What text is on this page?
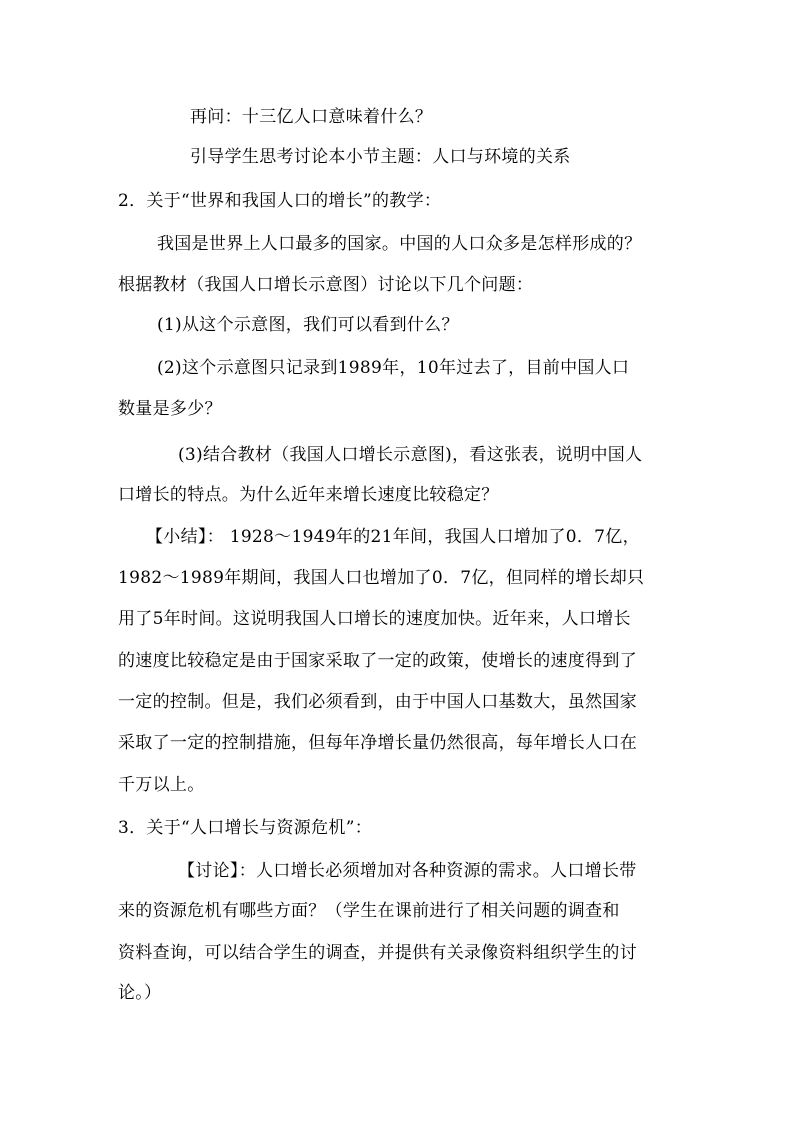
再问：十三亿人口意味着什么？
引导学生思考讨论本小节主题：人口与环境的关系
2．关于“世界和我国人口的增长”的教学：
我国是世界上人口最多的国家。中国的人口众多是怎样形成的？
根据教材（我国人口增长示意图）讨论以下几个问题：
(1)从这个示意图，我们可以看到什么？
(2)这个示意图只记录到1989年，10年过去了，目前中国人口
数量是多少？
(3)结合教材（我国人口增长示意图)，看这张表，说明中国人
口增长的特点。为什么近年来增长速度比较稳定？
【小结】： 1928～1949年的21年间，我国人口增加了0．7亿，
1982～1989年期间，我国人口也增加了0．7亿，但同样的增长却只
用了5年时间。这说明我国人口增长的速度加快。近年来，人口增长
的速度比较稳定是由于国家采取了一定的政策，使增长的速度得到了
一定的控制。但是，我们必须看到，由于中国人口基数大，虽然国家
采取了一定的控制措施，但每年净增长量仍然很高，每年增长人口在
千万以上。
3．关于“人口增长与资源危机”：
【讨论】：人口增长必须增加对各种资源的需求。人口增长带
来的资源危机有哪些方面？（学生在课前进行了相关问题的调查和
资料查询，可以结合学生的调查，并提供有关录像资料组织学生的讨
论。）
